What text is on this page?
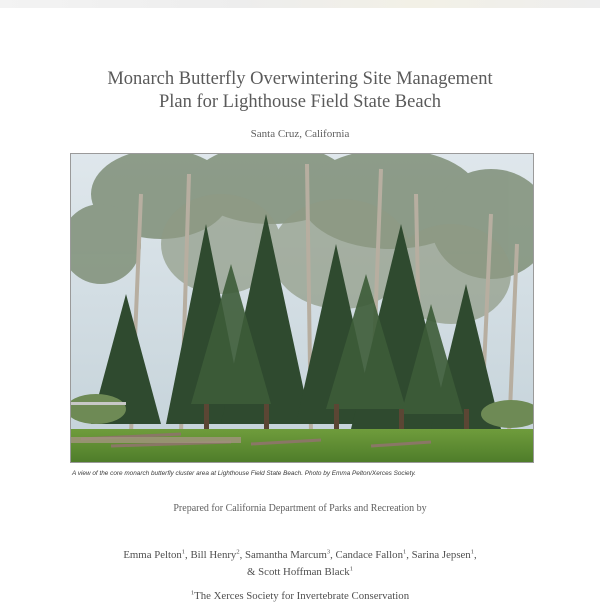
Monarch Butterfly Overwintering Site Management
Plan for Lighthouse Field State Beach
Santa Cruz, California
A view of the core monarch butterfly cluster area at Lighthouse Field State Beach. Photo by Emma Pelton/Xerces Society.
Prepared for California Department of Parks and Recreation by
Emma Pelton$^1$, Bill Henry$^2$, Samantha Marcum$^3$, Candace Fallon$^1$, Sarina Jepsen$^1$,
& Scott Hoffman Black$^1$
$^1$The Xerces Society for Invertebrate Conservation
